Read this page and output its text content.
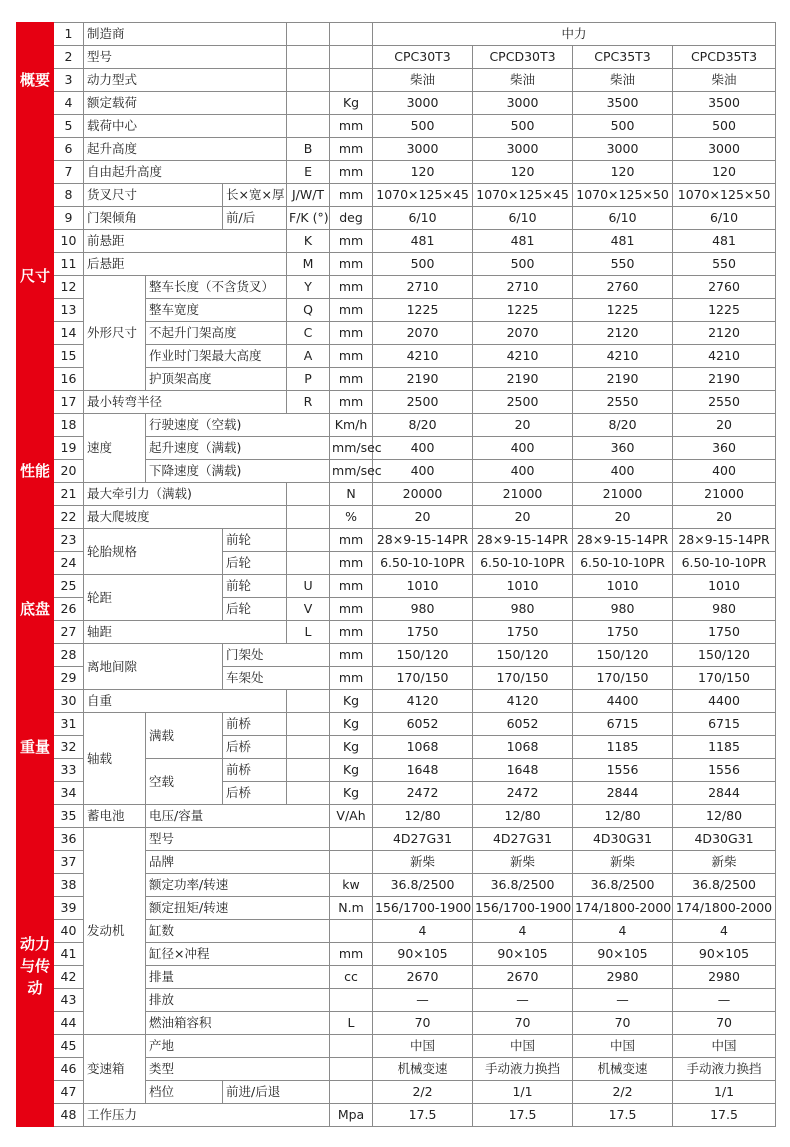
概要	1	制造商					中力			
	2	型号					CPC30T3	CPCD30T3	CPC35T3	CPCD35T3
	3	动力型式					柴油	柴油	柴油	柴油
	4	额定载荷				Kg	3000	3000	3500	3500
	5	载荷中心				mm	500	500	500	500
尺寸	6	起升高度			B	mm	3000	3000	3000	3000
	7	自由起升高度			E	mm	120	120	120	120
	8	货叉尺寸		长×宽×厚	J/W/T	mm	1070×125×45	1070×125×45	1070×125×50	1070×125×50
	9	门架倾角		前/后	F/K (°)	deg	6/10	6/10	6/10	6/10
	10	前悬距			K	mm	481	481	481	481
	11	后悬距			M	mm	500	500	550	550
	12	外形尺寸	整车长度（不含货叉）		Y	mm	2710	2710	2760	2760
	13		整车宽度		Q	mm	1225	1225	1225	1225
	14		不起升门架高度		C	mm	2070	2070	2120	2120
	15		作业时门架最大高度		A	mm	4210	4210	4210	4210
	16		护顶架高度		P	mm	2190	2190	2190	2190
	17	最小转弯半径			R	mm	2500	2500	2550	2550
性能	18	速度	行驶速度（空载)			Km/h	8/20	20	8/20	20
	19		起升速度（满载)			mm/sec	400	400	360	360
	20		下降速度（满载)			mm/sec	400	400	400	400
	21	最大牵引力（满载)				N	20000	21000	21000	21000
	22	最大爬坡度				%	20	20	20	20
底盘	23	轮胎规格		前轮		mm	28×9-15-14PR	28×9-15-14PR	28×9-15-14PR	28×9-15-14PR
	24			后轮		mm	6.50-10-10PR	6.50-10-10PR	6.50-10-10PR	6.50-10-10PR
	25	轮距		前轮	U	mm	1010	1010	1010	1010
	26			后轮	V	mm	980	980	980	980
	27	轴距			L	mm	1750	1750	1750	1750
	28	离地间隙		门架处		mm	150/120	150/120	150/120	150/120
	29			车架处		mm	170/150	170/150	170/150	170/150
重量	30	自重				Kg	4120	4120	4400	4400
	31	轴载	满载	前桥		Kg	6052	6052	6715	6715
	32			后桥		Kg	1068	1068	1185	1185
	33		空载	前桥		Kg	1648	1648	1556	1556
	34			后桥		Kg	2472	2472	2844	2844
动力与传动	35	蓄电池	电压/容量			V/Ah	12/80	12/80	12/80	12/80
	36	发动机	型号				4D27G31	4D27G31	4D30G31	4D30G31
	37		品牌				新柴	新柴	新柴	新柴
	38		额定功率/转速			kw	36.8/2500	36.8/2500	36.8/2500	36.8/2500
	39		额定扭矩/转速			N.m	156/1700-1900	156/1700-1900	174/1800-2000	174/1800-2000
	40		缸数				4	4	4	4
	41		缸径×冲程			mm	90×105	90×105	90×105	90×105
	42		排量			cc	2670	2670	2980	2980
	43		排放				—	—	—	—
	44		燃油箱容积			L	70	70	70	70
	45	变速箱	产地				中国	中国	中国	中国
	46		类型				机械变速	手动液力换挡	机械变速	手动液力换挡
	47		档位	前进/后退			2/2	1/1	2/2	1/1
	48	工作压力				Mpa	17.5	17.5	17.5	17.5
